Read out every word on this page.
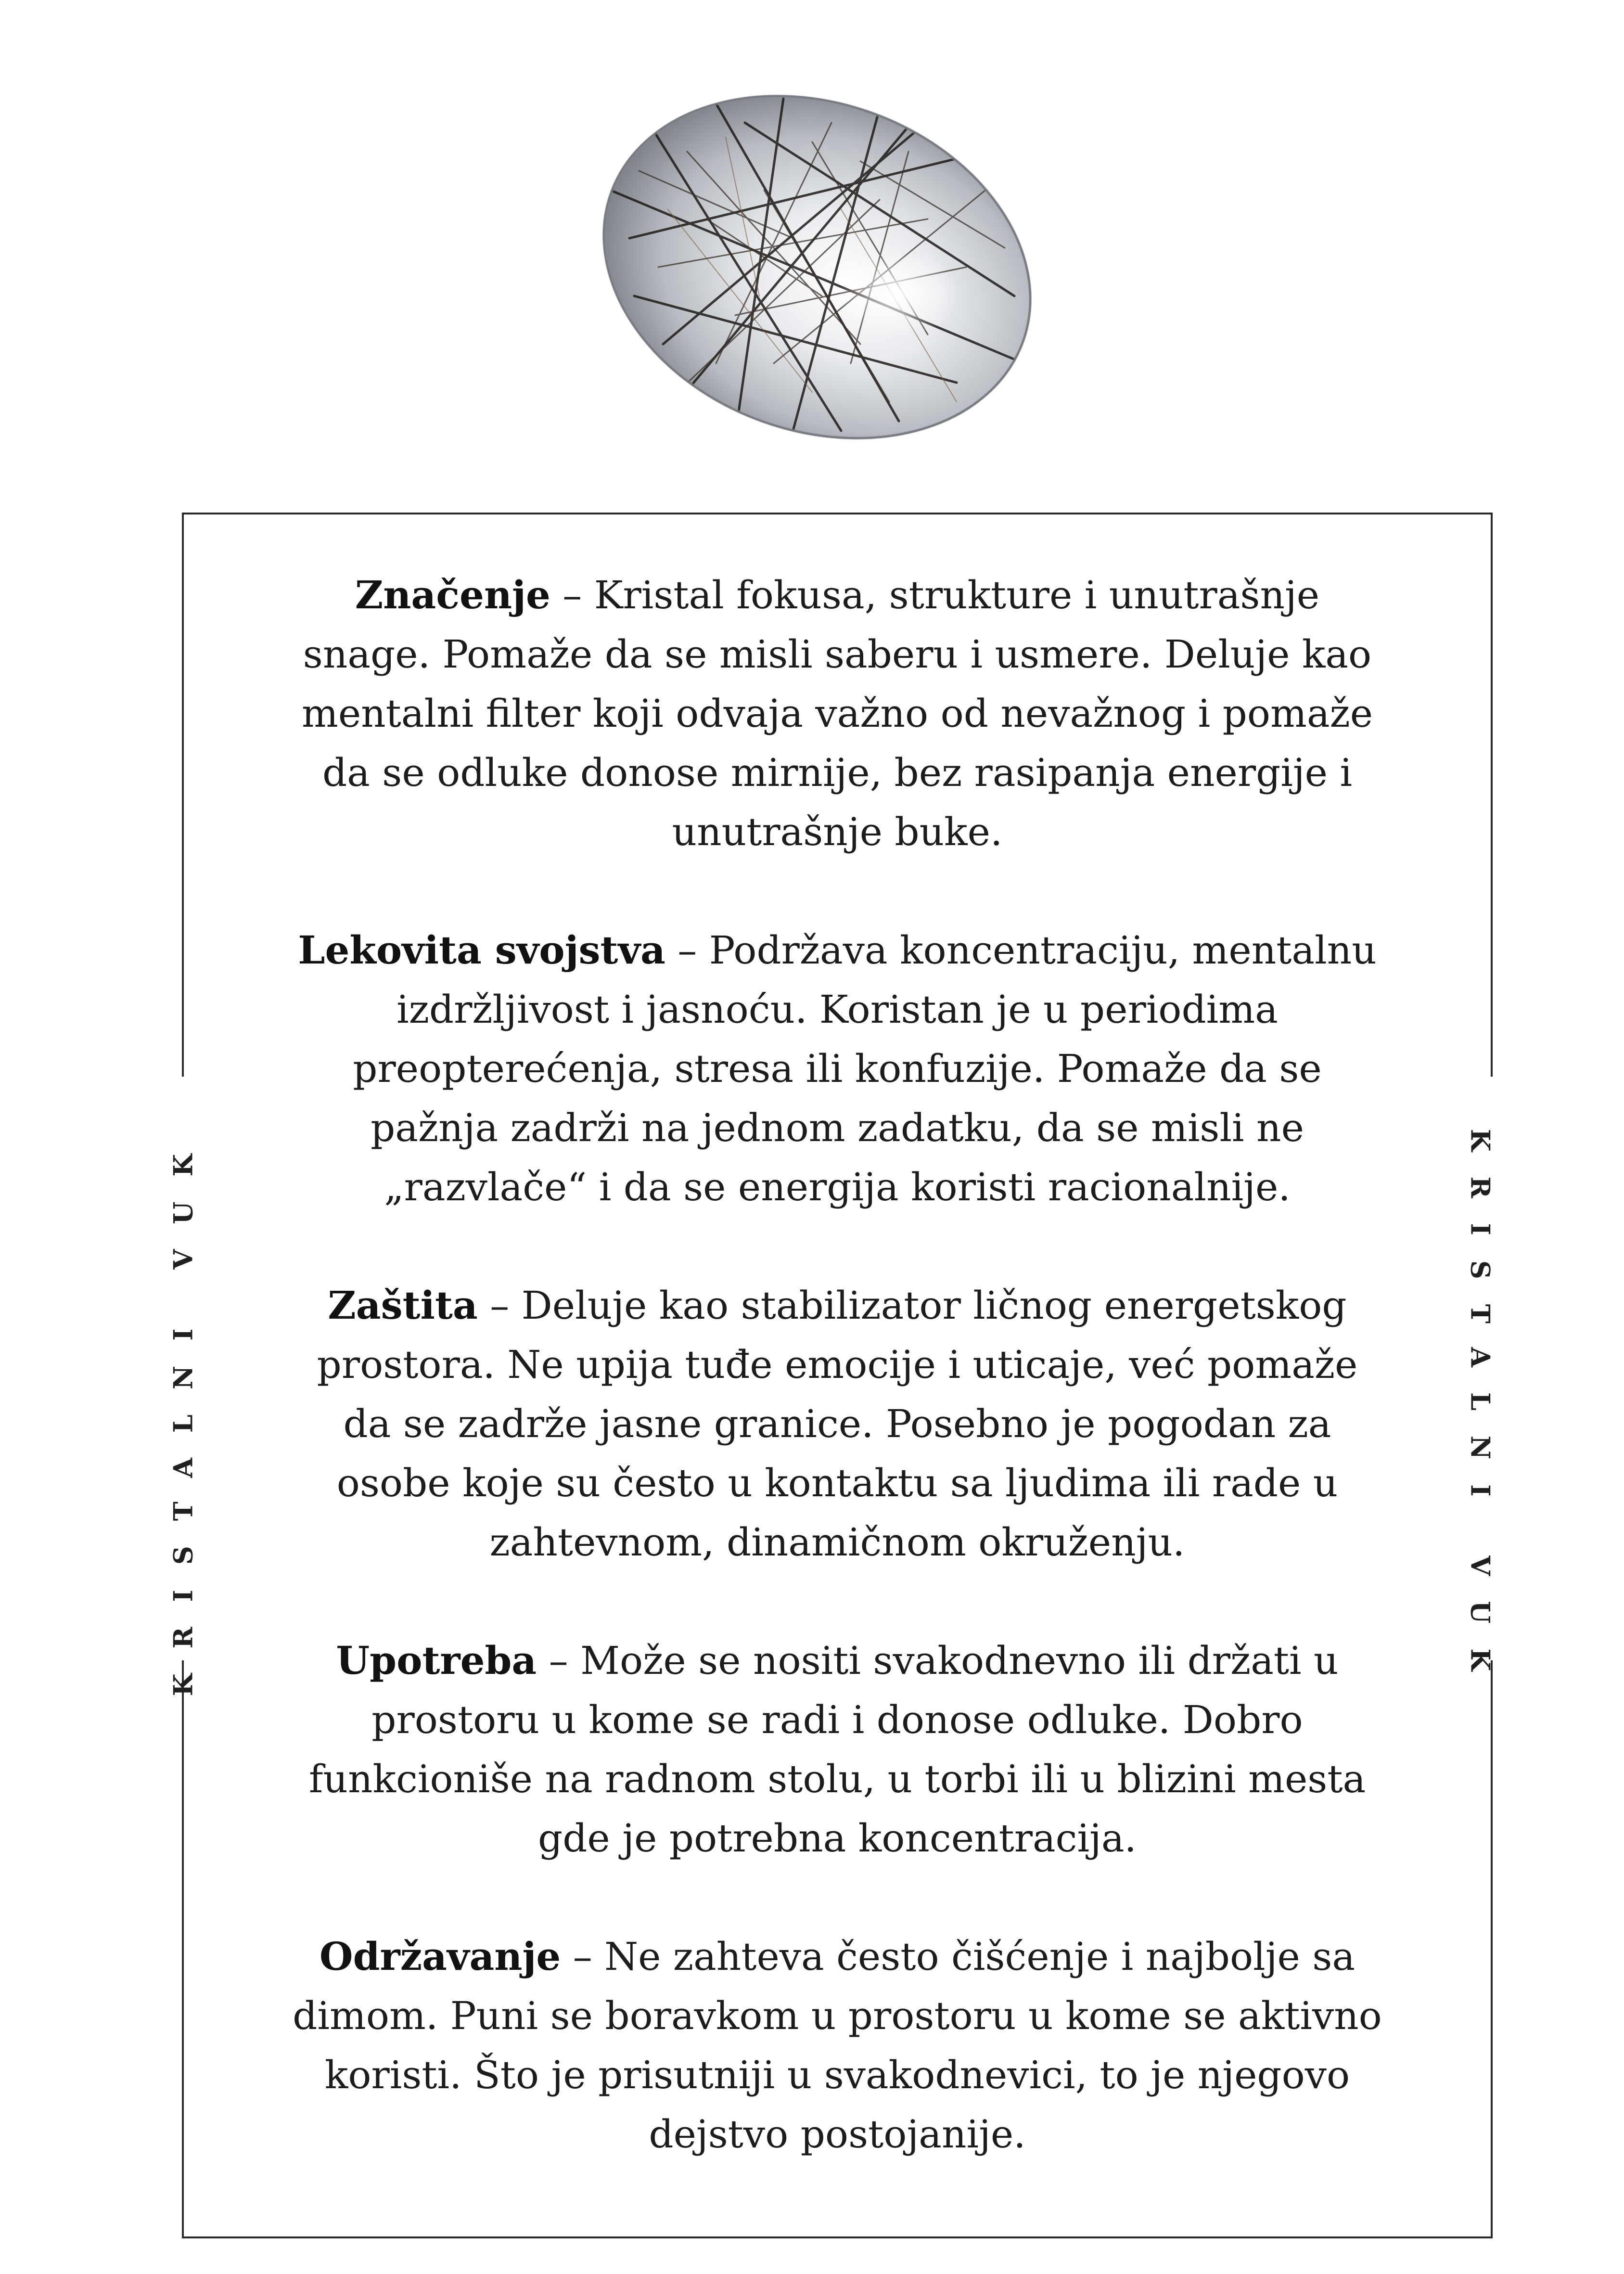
KRISTALNI VUK	KRISTALNI VUK

Značenje – Kristal fokusa, strukture i unutrašnje snage. Pomaže da se misli saberu i usmere. Deluje kao mentalni filter koji odvaja važno od nevažnog i pomaže da se odluke donose mirnije, bez rasipanja energije i unutrašnje buke.

Lekovita svojstva – Podržava koncentraciju, mentalnu izdržljivost i jasnoću. Koristan je u periodima preopterećenja, stresa ili konfuzije. Pomaže da se pažnja zadrži na jednom zadatku, da se misli ne „razvlače“ i da se energija koristi racionalnije.

Zaštita – Deluje kao stabilizator ličnog energetskog prostora. Ne upija tuđe emocije i uticaje, već pomaže da se zadrže jasne granice. Posebno je pogodan za osobe koje su često u kontaktu sa ljudima ili rade u zahtevnom, dinamičnom okruženju.

Upotreba – Može se nositi svakodnevno ili držati u prostoru u kome se radi i donose odluke. Dobro funkcioniše na radnom stolu, u torbi ili u blizini mesta gde je potrebna koncentracija.

Održavanje – Ne zahteva često čišćenje i najbolje sa dimom. Puni se boravkom u prostoru u kome se aktivno koristi. Što je prisutniji u svakodnevici, to je njegovo dejstvo postojanije.
